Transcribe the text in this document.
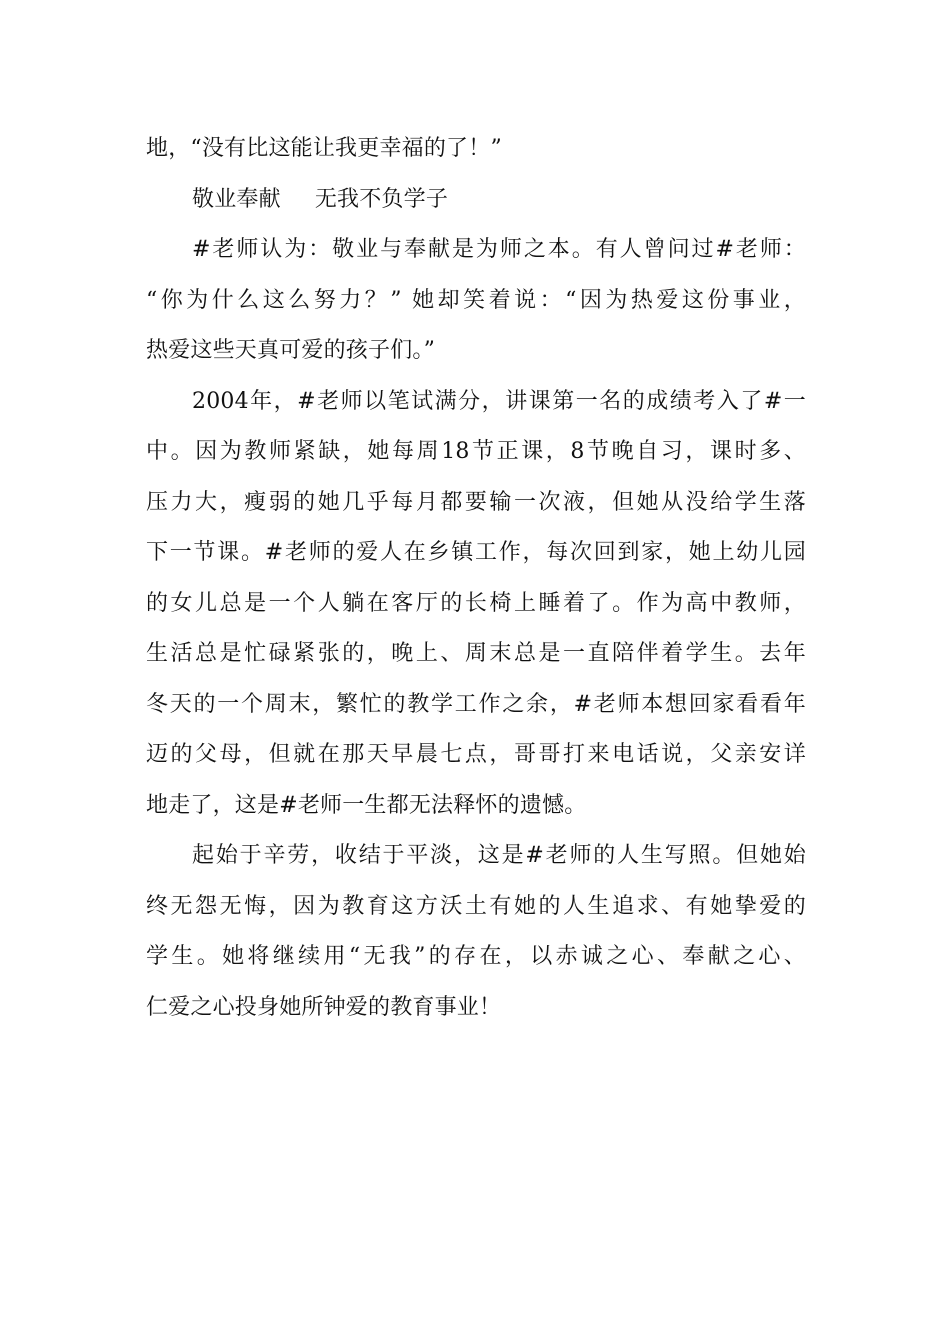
地，“没有比这能让我更幸福的了！”
敬业奉献 无我不负学子
#老师认为：敬业与奉献是为师之本。有人曾问过#老师：
“你为什么这么努力？” 她却笑着说：“因为热爱这份事业，
热爱这些天真可爱的孩子们。”
2004年，#老师以笔试满分，讲课第一名的成绩考入了#一
中。因为教师紧缺，她每周18节正课，8节晚自习，课时多、
压力大，瘦弱的她几乎每月都要输一次液，但她从没给学生落
下一节课。#老师的爱人在乡镇工作，每次回到家，她上幼儿园
的女儿总是一个人躺在客厅的长椅上睡着了。作为高中教师，
生活总是忙碌紧张的，晚上、周末总是一直陪伴着学生。去年
冬天的一个周末，繁忙的教学工作之余，#老师本想回家看看年
迈的父母，但就在那天早晨七点，哥哥打来电话说，父亲安详
地走了，这是#老师一生都无法释怀的遗憾。
起始于辛劳，收结于平淡，这是#老师的人生写照。但她始
终无怨无悔，因为教育这方沃土有她的人生追求、有她挚爱的
学生。她将继续用“无我”的存在，以赤诚之心、奉献之心、
仁爱之心投身她所钟爱的教育事业！
